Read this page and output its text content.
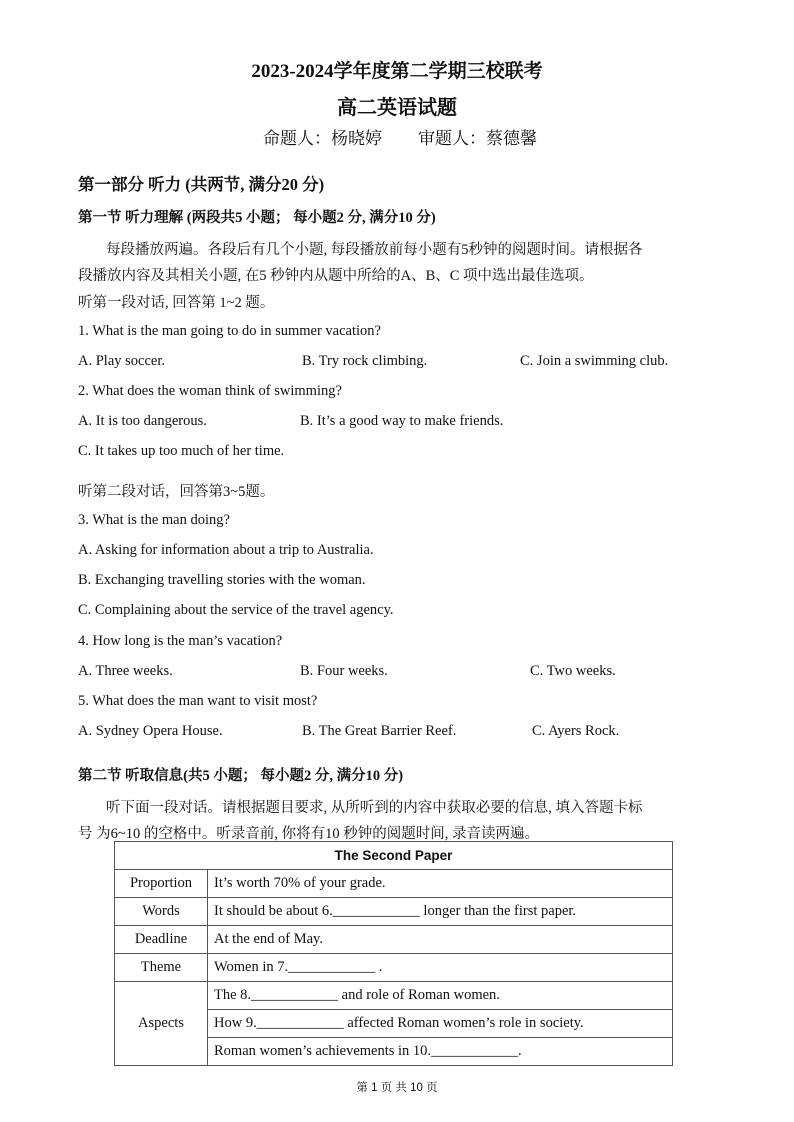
2023-2024学年度第二学期三校联考
高二英语试题
命题人：杨晓婷 审题人：蔡德馨
第一部分 听力 (共两节, 满分20 分)
第一节 听力理解 (两段共5 小题； 每小题2 分, 满分10 分)
每段播放两遍。各段后有几个小题, 每段播放前每小题有5秒钟的阅题时间。请根据各
段播放内容及其相关小题, 在5 秒钟内从题中所给的A、B、C 项中选出最佳选项。
听第一段对话, 回答第 1~2 题。
1. What is the man going to do in summer vacation?
A. Play soccer.	B. Try rock climbing.	C. Join a swimming club.
2. What does the woman think of swimming?
A. It is too dangerous.	B. It’s a good way to make friends.
C. It takes up too much of her time.
听第二段对话，回答第3~5题。
3. What is the man doing?
A. Asking for information about a trip to Australia.
B. Exchanging travelling stories with the woman.
C. Complaining about the service of the travel agency.
4. How long is the man’s vacation?
A. Three weeks.	B. Four weeks.	C. Two weeks.
5. What does the man want to visit most?
A. Sydney Opera House.	B. The Great Barrier Reef.	C. Ayers Rock.
第二节 听取信息(共5 小题； 每小题2 分, 满分10 分)
听下面一段对话。请根据题目要求, 从所听到的内容中获取必要的信息, 填入答题卡标
号 为6~10 的空格中。听录音前, 你将有10 秒钟的阅题时间, 录音读两遍。
The Second Paper	
Proportion	It’s worth 70% of your grade.
Words	It should be about 6.____________ longer than the first paper.
Deadline	At the end of May.
Theme	Women in 7.____________ .
Aspects	The 8.____________ and role of Roman women.
	How 9.____________ affected Roman women’s role in society.
	Roman women’s achievements in 10.____________.
第 1 页 共 10 页
